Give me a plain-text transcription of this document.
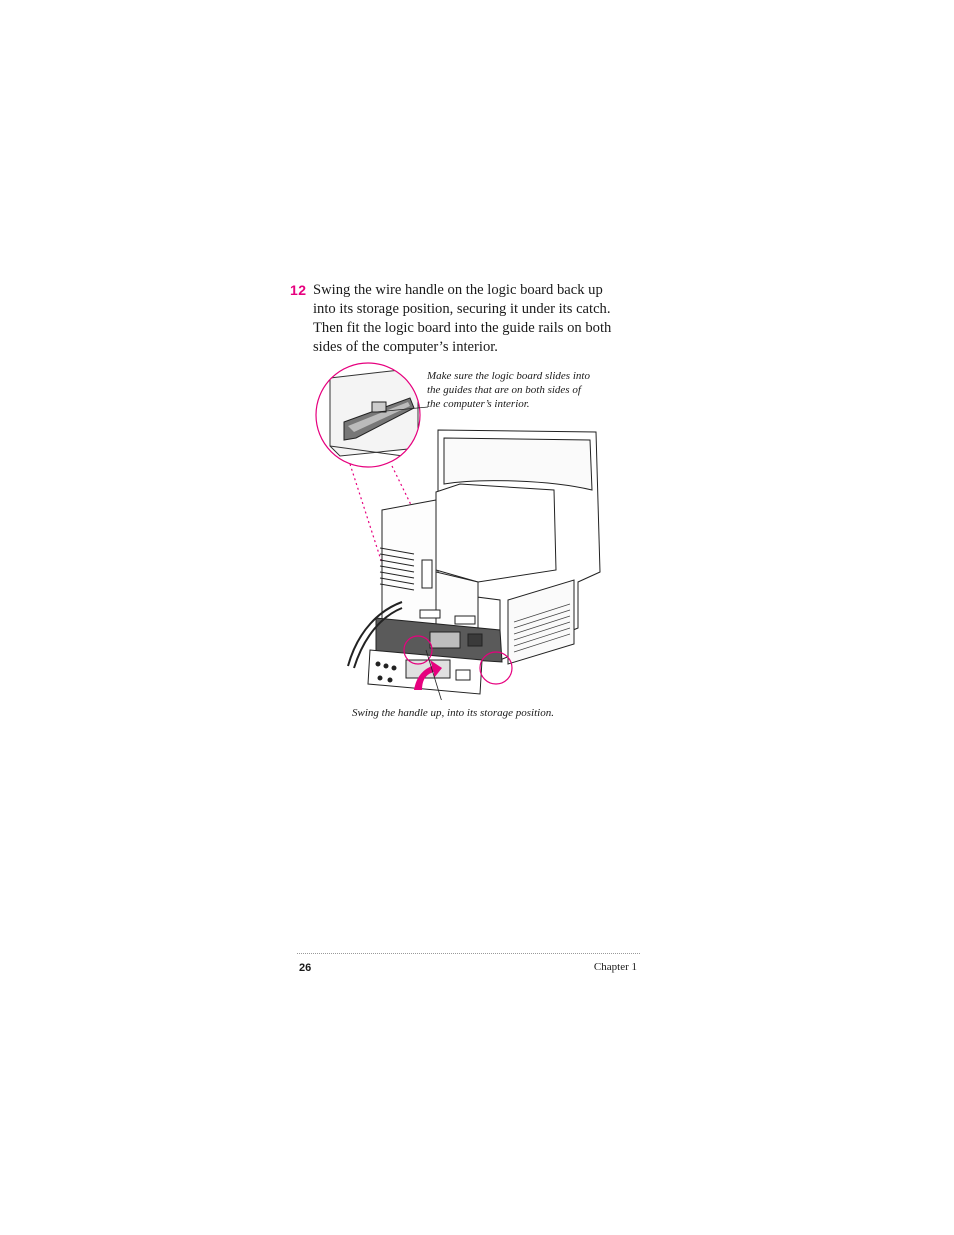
12 Swing the wire handle on the logic board back up into its storage position, securing it under its catch. Then fit the logic board into the guide rails on both sides of the computer’s interior.

Make sure the logic board slides into the guides that are on both sides of the computer’s interior.

Swing the handle up, into its storage position.

26	Chapter 1
